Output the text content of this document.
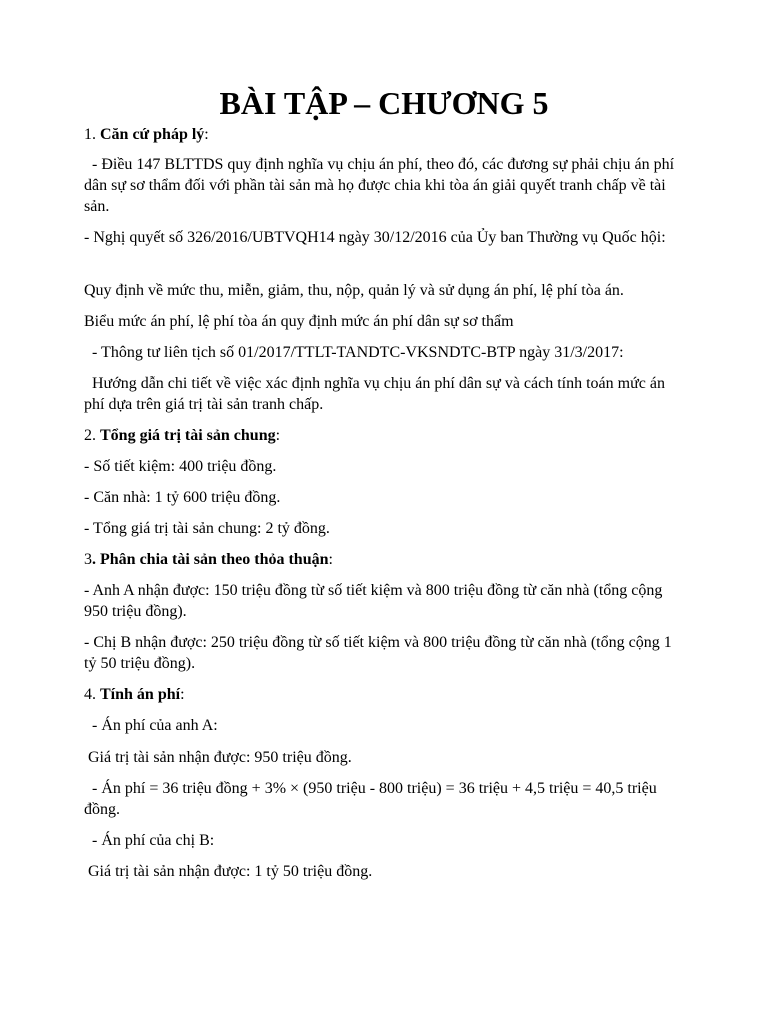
BÀI TẬP – CHƯƠNG 5

1. Căn cứ pháp lý:

- Điều 147 BLTTDS quy định nghĩa vụ chịu án phí, theo đó, các đương sự phải chịu án phí dân sự sơ thẩm đối với phần tài sản mà họ được chia khi tòa án giải quyết tranh chấp về tài sản.

- Nghị quyết số 326/2016/UBTVQH14 ngày 30/12/2016 của Ủy ban Thường vụ Quốc hội:

Quy định về mức thu, miễn, giảm, thu, nộp, quản lý và sử dụng án phí, lệ phí tòa án.

Biểu mức án phí, lệ phí tòa án quy định mức án phí dân sự sơ thẩm

- Thông tư liên tịch số 01/2017/TTLT-TANDTC-VKSNDTC-BTP ngày 31/3/2017:

Hướng dẫn chi tiết về việc xác định nghĩa vụ chịu án phí dân sự và cách tính toán mức án phí dựa trên giá trị tài sản tranh chấp.

2. Tổng giá trị tài sản chung:

- Số tiết kiệm: 400 triệu đồng.

- Căn nhà: 1 tỷ 600 triệu đồng.

- Tổng giá trị tài sản chung: 2 tỷ đồng.

3. Phân chia tài sản theo thỏa thuận:

- Anh A nhận được: 150 triệu đồng từ số tiết kiệm và 800 triệu đồng từ căn nhà (tổng cộng 950 triệu đồng).

- Chị B nhận được: 250 triệu đồng từ số tiết kiệm và 800 triệu đồng từ căn nhà (tổng cộng 1 tỷ 50 triệu đồng).

4. Tính án phí:

- Án phí của anh A:

Giá trị tài sản nhận được: 950 triệu đồng.

- Án phí = 36 triệu đồng + 3% × (950 triệu - 800 triệu) = 36 triệu + 4,5 triệu = 40,5 triệu đồng.

- Án phí của chị B:

Giá trị tài sản nhận được: 1 tỷ 50 triệu đồng.
